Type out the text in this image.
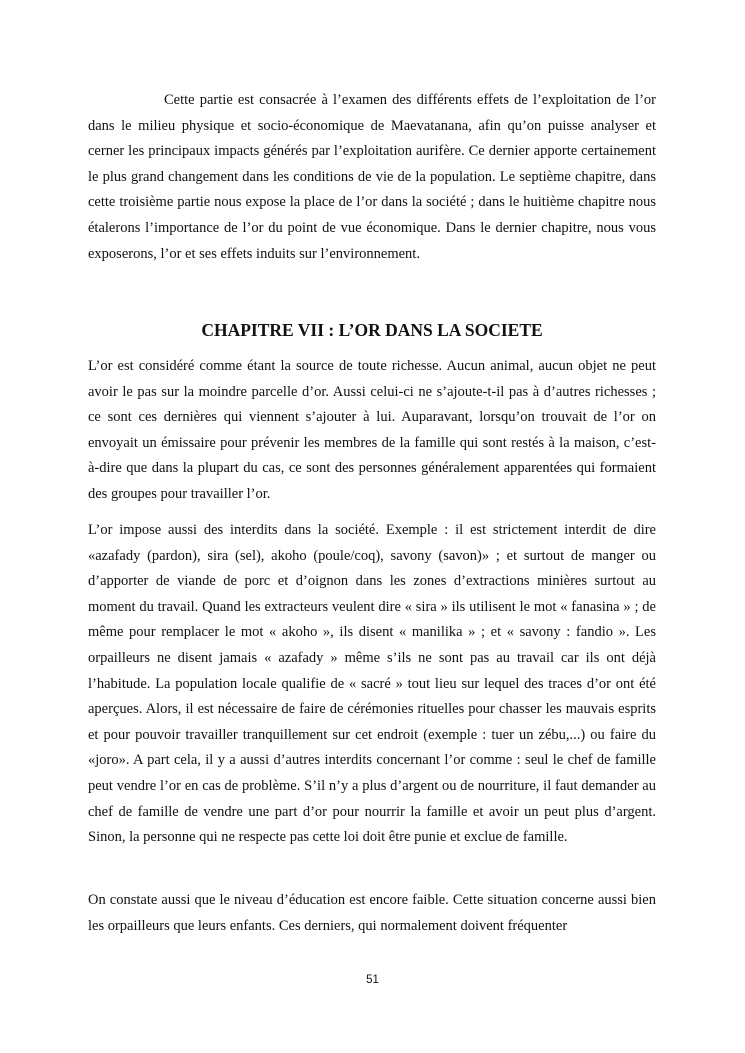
Cette partie est consacrée à l’examen des différents effets de l’exploitation de l’or dans le milieu physique et socio-économique de Maevatanana, afin qu’on puisse analyser et cerner les principaux impacts générés par l’exploitation aurifère. Ce dernier apporte certainement le plus grand changement dans les conditions de vie de la population. Le septième chapitre, dans cette troisième partie nous expose la place de l’or dans la société ; dans le huitième chapitre nous étalerons l’importance de l’or du point de vue économique. Dans le dernier chapitre, nous vous exposerons, l’or et ses effets induits sur l’environnement.

CHAPITRE VII : L’OR DANS LA SOCIETE

L’or est considéré comme étant la source de toute richesse. Aucun animal, aucun objet ne peut avoir le pas sur la moindre parcelle d’or. Aussi celui-ci ne s’ajoute-t-il pas à d’autres richesses ; ce sont ces dernières qui viennent s’ajouter à lui. Auparavant, lorsqu’on trouvait de l’or on envoyait un émissaire pour prévenir les membres de la famille qui sont restés à la maison, c’est-à-dire que dans la plupart du cas, ce sont des personnes généralement apparentées qui formaient des groupes pour travailler l’or.

L’or impose aussi des interdits dans la société. Exemple : il est strictement interdit de dire «azafady (pardon), sira (sel), akoho (poule/coq), savony (savon)» ; et surtout de manger ou d’apporter de viande de porc et d’oignon dans les zones d’extractions minières surtout au moment du travail. Quand les extracteurs veulent dire « sira » ils utilisent le mot « fanasina » ; de même pour remplacer le mot « akoho », ils disent « manilika » ; et « savony : fandio ». Les orpailleurs ne disent jamais « azafady » même s’ils ne sont pas au travail car ils ont déjà l’habitude. La population locale qualifie de « sacré » tout lieu sur lequel des traces d’or ont été aperçues. Alors, il est nécessaire de faire de cérémonies rituelles pour chasser les mauvais esprits et pour pouvoir travailler tranquillement sur cet endroit (exemple : tuer un zébu,...) ou faire du «joro». A part cela, il y a aussi d’autres interdits concernant l’or comme : seul le chef de famille peut vendre l’or en cas de problème. S’il n’y a plus d’argent ou de nourriture, il faut demander au chef de famille de vendre une part d’or pour nourrir la famille et avoir un peut plus d’argent. Sinon, la personne qui ne respecte pas cette loi doit être punie et exclue de famille.

On constate aussi que le niveau d’éducation est encore faible. Cette situation concerne aussi bien les orpailleurs que leurs enfants. Ces derniers, qui normalement doivent fréquenter

51
